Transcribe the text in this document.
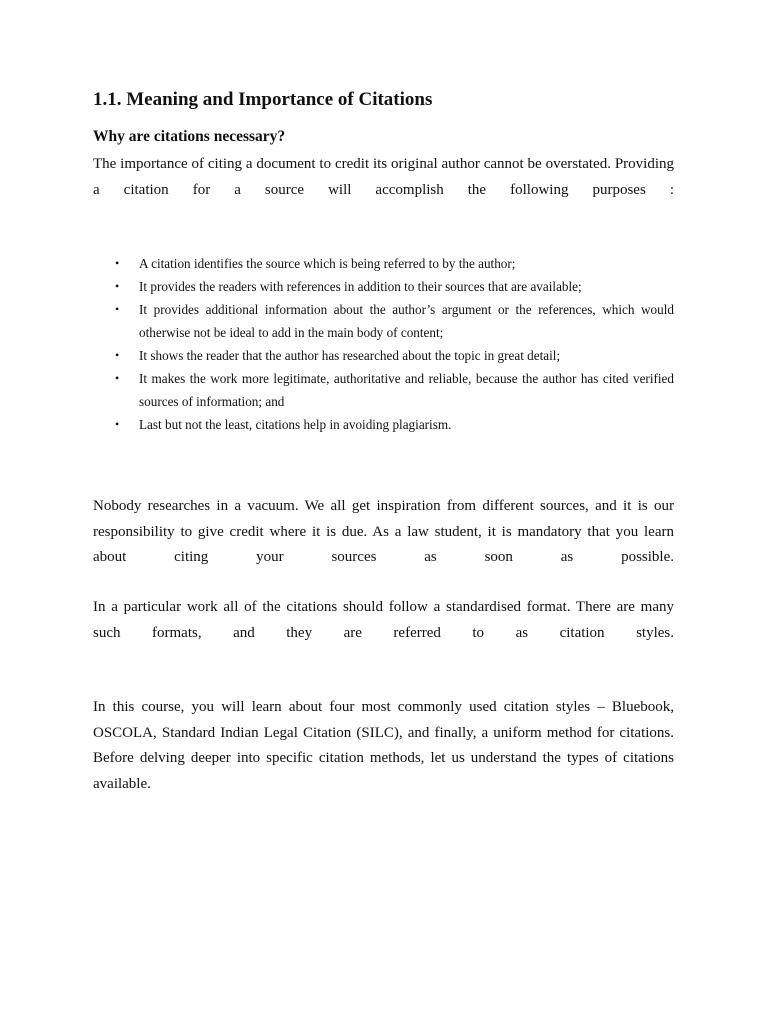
1.1. Meaning and Importance of Citations
Why are citations necessary?

The importance of citing a document to credit its original author cannot be overstated. Providing a citation for a source will accomplish the following purposes :

• A citation identifies the source which is being referred to by the author;
• It provides the readers with references in addition to their sources that are available;
• It provides additional information about the author’s argument or the references, which would otherwise not be ideal to add in the main body of content;
• It shows the reader that the author has researched about the topic in great detail;
• It makes the work more legitimate, authoritative and reliable, because the author has cited verified sources of information; and
• Last but not the least, citations help in avoiding plagiarism.

Nobody researches in a vacuum. We all get inspiration from different sources, and it is our responsibility to give credit where it is due. As a law student, it is mandatory that you learn about citing your sources as soon as possible.

In a particular work all of the citations should follow a standardised format. There are many such formats, and they are referred to as citation styles.

In this course, you will learn about four most commonly used citation styles – Bluebook, OSCOLA, Standard Indian Legal Citation (SILC), and finally, a uniform method for citations. Before delving deeper into specific citation methods, let us understand the types of citations available.
